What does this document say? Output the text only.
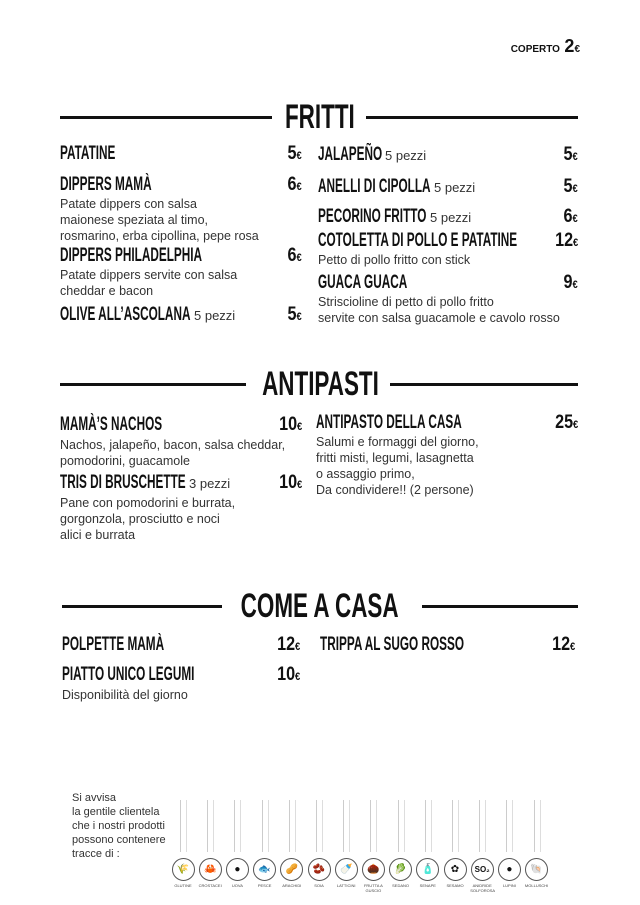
COPERTO 2€
FRITTI
PATATINE	5€
DIPPERS MAMÀ	6€
Patate dippers con salsa
maionese speziata al timo,
rosmarino, erba cipollina, pepe rosa
DIPPERS PHILADELPHIA	6€
Patate dippers servite con salsa
cheddar e bacon
OLIVE ALL’ASCOLANA $^{5 pezzi}$	5€
JALAPEÑO $^{5 pezzi}$	5€
ANELLI DI CIPOLLA $^{5 pezzi}$	5€
PECORINO FRITTO $^{5 pezzi}$	6€
COTOLETTA DI POLLO E PATATINE 12€
Petto di pollo fritto con stick
GUACA GUACA	9€
Striscioline di petto di pollo fritto
servite con salsa guacamole e cavolo rosso
MAMÀ’S NACHOS	10€
Nachos, jalapeño, bacon, salsa cheddar,
pomodorini, guacamole
TRIS DI BRUSCHETTE $^{3 pezzi}$	10€
Pane con pomodorini e burrata,
gorgonzola, prosciutto e noci
alici e burrata
ANTIPASTO DELLA CASA	25€
Salumi e formaggi del giorno,
fritti misti, legumi, lasagnetta
o assaggio primo,
Da condividere!! (2 persone)
POLPETTE MAMÀ	12€
PIATTO UNICO LEGUMI	10€
Disponibilità del giorno
TRIPPA AL SUGO ROSSO	12€
ANTIPASTI
COME A CASA
Si avvisa
la gentile clientela
che i nostri prodotti
possono contenere
tracce di :
🌾
GLUTINE
🦀
CROSTACEI
●
UOVA
🐟
PESCE
🥜
ARACHIDI
🫘
SOIA
🍼
LATTICINI
🌰
FRUTTA A GUSCIO
🥬
SEDANO
🧴
SENAPE
✿
SESAMO
SO₂
ANIDRIDE SOLFOROSA
●
LUPINI
🐚
MOLLUSCHI
